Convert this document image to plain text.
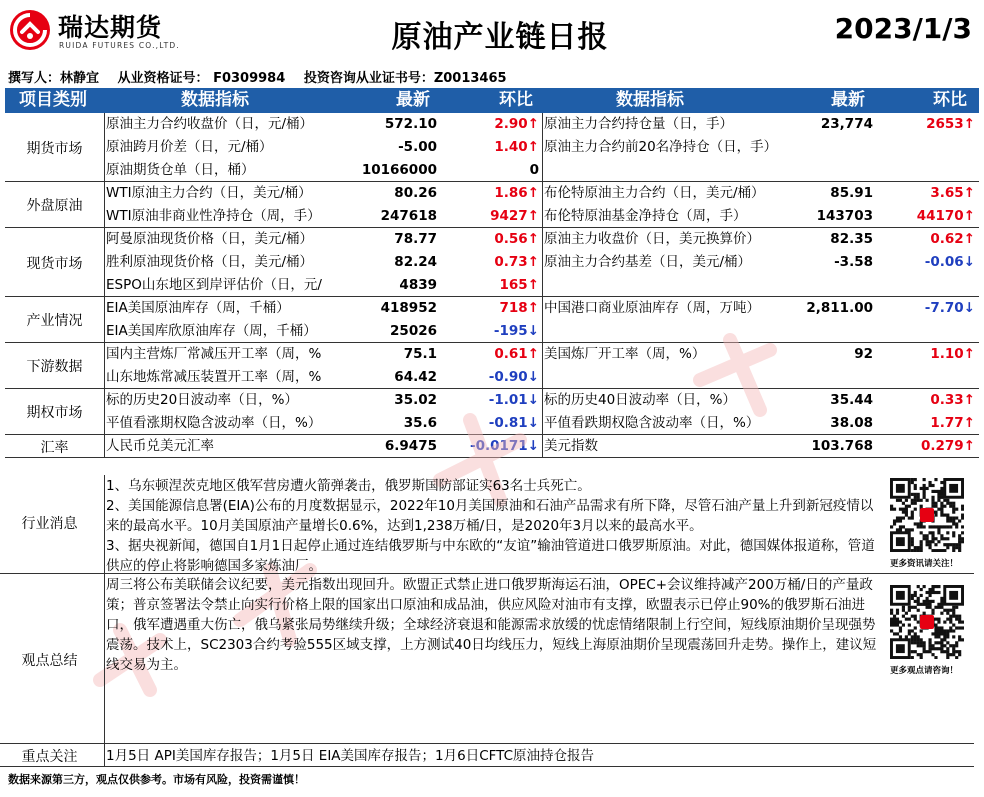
瑞达期货
RUIDA FUTURES CO.,LTD.	原油产业链日报	2023/1/3
撰写人：林静宜 从业资格证号： F0309984 投资咨询从业证书号：Z0013465
项目类别	数据指标	最新	环比	数据指标	最新	环比
期货市场
原油主力合约收盘价（日，元/桶）	572.10	2.90↑ 原油主力合约持仓量（日，手）	23,774	2653↑
原油跨月价差（日，元/桶）	-5.00	1.40↑ 原油主力合约前20名净持仓（日，手）
原油期货仓单（日，桶）	10166000	0
外盘原油
WTI原油主力合约（日，美元/桶）	80.26	1.86↑ 布伦特原油主力合约（日，美元/桶）	85.91	3.65↑
WTI原油非商业性净持仓（周，手）	247618	9427↑ 布伦特原油基金净持仓（周，手）	143703	44170↑
现货市场
阿曼原油现货价格（日，美元/桶）	78.77	0.56↑ 原油主力收盘价（日，美元换算价）	82.35	0.62↑
胜利原油现货价格（日，美元/桶）	82.24	0.73↑ 原油主力合约基差（日，美元/桶）	-3.58	-0.06↓
ESPO山东地区到岸评估价（日，元/	4839	165↑
产业情况
EIA美国原油库存（周，千桶）	418952	718↑ 中国港口商业原油库存（周，万吨）	2,811.00	-7.70↓
EIA美国库欣原油库存（周，千桶）	25026	-195↓
下游数据
国内主营炼厂常减压开工率（周，%	75.1	0.61↑ 美国炼厂开工率（周，%）	92	1.10↑
山东地炼常减压装置开工率（周，%	64.42	-0.90↓
期权市场
标的历史20日波动率（日，%）	35.02	-1.01↓ 标的历史40日波动率（日，%）	35.44	0.33↑
平值看涨期权隐含波动率（日，%）	35.6	-0.81↓ 平值看跌期权隐含波动率（日，%）	38.08	1.77↑
汇率	人民币兑美元汇率	6.9475	-0.0171↓ 美元指数	103.768	0.279↑
行业消息
1、乌东顿涅茨克地区俄军营房遭火箭弹袭击，俄罗斯国防部证实63名士兵死亡。
2、美国能源信息署(EIA)公布的月度数据显示，2022年10月美国原油和石油产品需求有所下降，尽管石油产量上升到新冠疫情以来的最高水平。10月美国原油产量增长0.6%，达到1,238万桶/日，是2020年3月以来的最高水平。
3、据央视新闻，德国自1月1日起停止通过连结俄罗斯与中东欧的“友谊”输油管道进口俄罗斯原油。对此，德国媒体报道称，管道供应的停止将影响德国多家炼油厂。
观点总结
周三将公布美联储会议纪要，美元指数出现回升。欧盟正式禁止进口俄罗斯海运石油，OPEC+会议维持减产200万桶/日的产量政策；普京签署法令禁止向实行价格上限的国家出口原油和成品油，供应风险对油市有支撑，欧盟表示已停止90%的俄罗斯石油进口，俄军遭遇重大伤亡，俄乌紧张局势继续升级；全球经济衰退和能源需求放缓的忧虑情绪限制上行空间，短线原油期价呈现强势震荡。技术上，SC2303合约考验555区域支撑，上方测试40日均线压力，短线上海原油期价呈现震荡回升走势。操作上，建议短线交易为主。
重点关注	1月5日 API美国库存报告；1月5日 EIA美国库存报告；1月6日CFTC原油持仓报告
更多资讯请关注！
更多观点请咨询！
数据来源第三方，观点仅供参考。市场有风险，投资需谨慎！
